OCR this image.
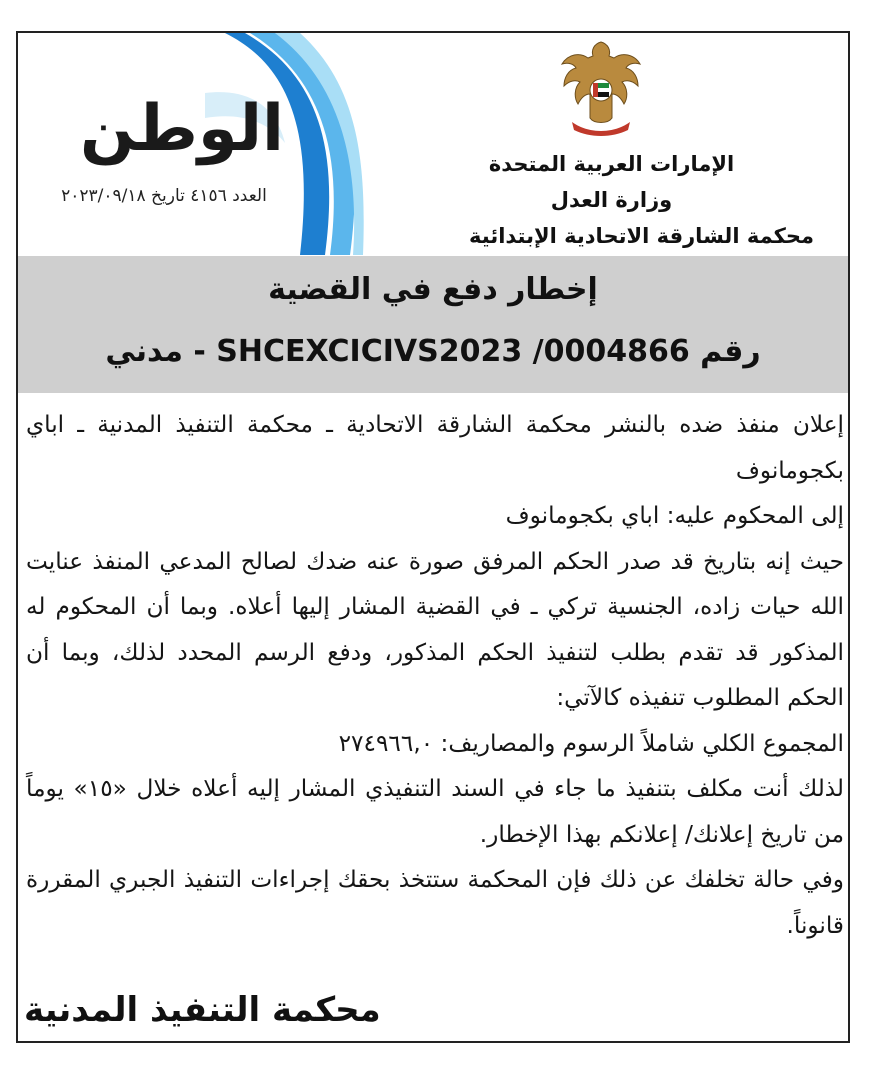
الوطن
العدد ٤١٥٦ تاريخ ٢٠٢٣/٠٩/١٨
الإمارات العربية المتحدة
وزارة العدل
محكمة الشارقة الاتحادية الإبتدائية
إخطار دفع في القضية
رقم SHCEXCICIVS2023 /0004866 - مدني

إعلان منفذ ضده بالنشر محكمة الشارقة الاتحادية ـ محكمة التنفيذ المدنية ـ اباي بكجومانوف

إلى المحكوم عليه: اباي بكجومانوف

حيث إنه بتاريخ قد صدر الحكم المرفق صورة عنه ضدك لصالح المدعي المنفذ عنايت الله حيات زاده، الجنسية تركي ـ في القضية المشار إليها أعلاه. وبما أن المحكوم له المذكور قد تقدم بطلب لتنفيذ الحكم المذكور، ودفع الرسم المحدد لذلك، وبما أن الحكم المطلوب تنفيذه كالآتي:

المجموع الكلي شاملاً الرسوم والمصاريف: ٢٧٤٩٦٦,٠

لذلك أنت مكلف بتنفيذ ما جاء في السند التنفيذي المشار إليه أعلاه خلال «١٥» يوماً من تاريخ إعلانك/ إعلانكم بهذا الإخطار.

وفي حالة تخلفك عن ذلك فإن المحكمة ستتخذ بحقك إجراءات التنفيذ الجبري المقررة قانوناً.

محكمة التنفيذ المدنية
